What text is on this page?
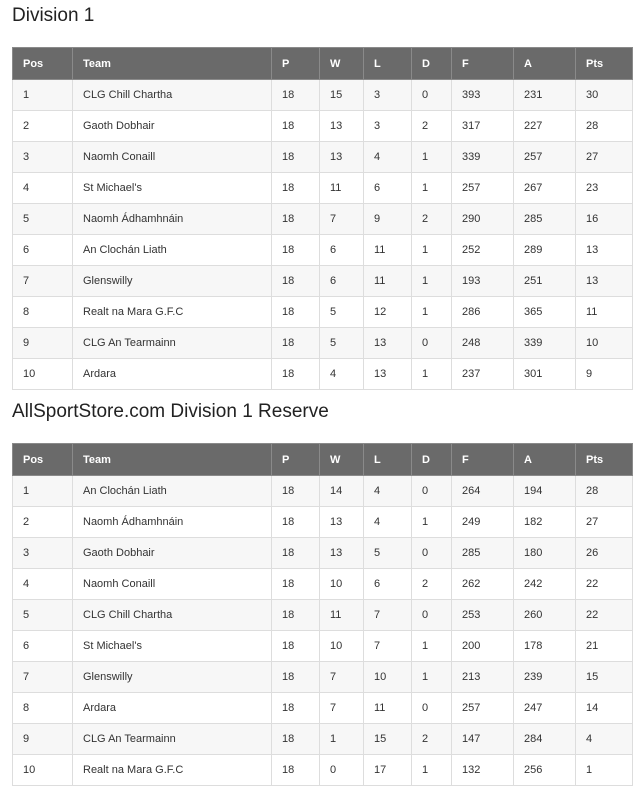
Division 1
Pos	Team	P	W	L	D	F	A	Pts
1	CLG Chill Chartha	18	15	3	0	393	231	30
2	Gaoth Dobhair	18	13	3	2	317	227	28
3	Naomh Conaill	18	13	4	1	339	257	27
4	St Michael's	18	11	6	1	257	267	23
5	Naomh Ádhamhnáin	18	7	9	2	290	285	16
6	An Clochán Liath	18	6	11	1	252	289	13
7	Glenswilly	18	6	11	1	193	251	13
8	Realt na Mara G.F.C	18	5	12	1	286	365	11
9	CLG An Tearmainn	18	5	13	0	248	339	10
10	Ardara	18	4	13	1	237	301	9
AllSportStore.com Division 1 Reserve
Pos	Team	P	W	L	D	F	A	Pts
1	An Clochán Liath	18	14	4	0	264	194	28
2	Naomh Ádhamhnáin	18	13	4	1	249	182	27
3	Gaoth Dobhair	18	13	5	0	285	180	26
4	Naomh Conaill	18	10	6	2	262	242	22
5	CLG Chill Chartha	18	11	7	0	253	260	22
6	St Michael's	18	10	7	1	200	178	21
7	Glenswilly	18	7	10	1	213	239	15
8	Ardara	18	7	11	0	257	247	14
9	CLG An Tearmainn	18	1	15	2	147	284	4
10	Realt na Mara G.F.C	18	0	17	1	132	256	1
